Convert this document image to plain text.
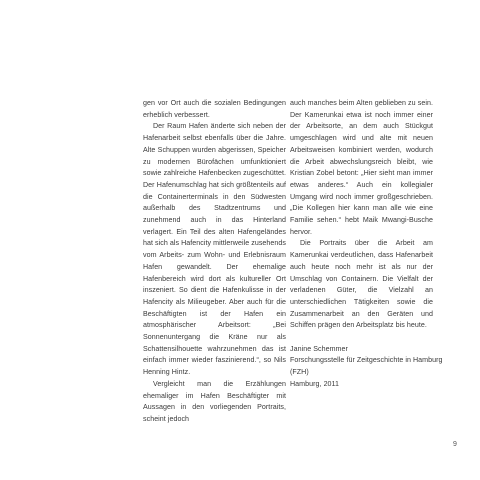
gen vor Ort auch die sozialen Bedingungen erheblich verbessert.

Der Raum Hafen änderte sich neben der Hafenarbeit selbst ebenfalls über die Jahre. Alte Schuppen wurden abgerissen, Speicher zu modernen Bürofächen umfunktioniert sowie zahlreiche Hafenbecken zugeschüttet. Der Hafenumschlag hat sich größtenteils auf die Containerterminals in den Südwesten außerhalb des Stadtzentrums und zunehmend auch in das Hinterland verlagert. Ein Teil des alten Hafengeländes hat sich als Hafencity mittlerweile zusehends vom Arbeits- zum Wohn- und Erlebnisraum Hafen gewandelt. Der ehemalige Hafenbereich wird dort als kultureller Ort inszeniert. So dient die Hafenkulisse in der Hafencity als Milieugeber. Aber auch für die Beschäftigten ist der Hafen ein atmosphärischer Arbeitsort: „Bei Sonnenuntergang die Kräne nur als Schattensilhouette wahrzunehmen das ist einfach immer wieder faszinierend.“, so Nils Henning Hintz.

Vergleicht man die Erzählungen ehemaliger im Hafen Beschäftigter mit Aussagen in den vorliegenden Portraits, scheint jedoch

auch manches beim Alten geblieben zu sein. Der Kamerunkai etwa ist noch immer einer der Arbeitsorte, an dem auch Stückgut umgeschlagen wird und alte mit neuen Arbeitsweisen kombiniert werden, wodurch die Arbeit abwechslungsreich bleibt, wie Kristian Zobel betont: „Hier sieht man immer etwas anderes.“ Auch ein kollegialer Umgang wird noch immer großgeschrieben. „Die Kollegen hier kann man alle wie eine Familie sehen.“ hebt Maik Mwangi-Busche hervor.

Die Portraits über die Arbeit am Kamerunkai verdeutlichen, dass Hafenarbeit auch heute noch mehr ist als nur der Umschlag von Containern. Die Vielfalt der verladenen Güter, die Vielzahl an unterschiedlichen Tätigkeiten sowie die Zusammenarbeit an den Geräten und Schiffen prägen den Arbeitsplatz bis heute.

Janine Schemmer
Forschungsstelle für Zeitgeschichte in Hamburg
(FZH)
Hamburg, 2011
9
